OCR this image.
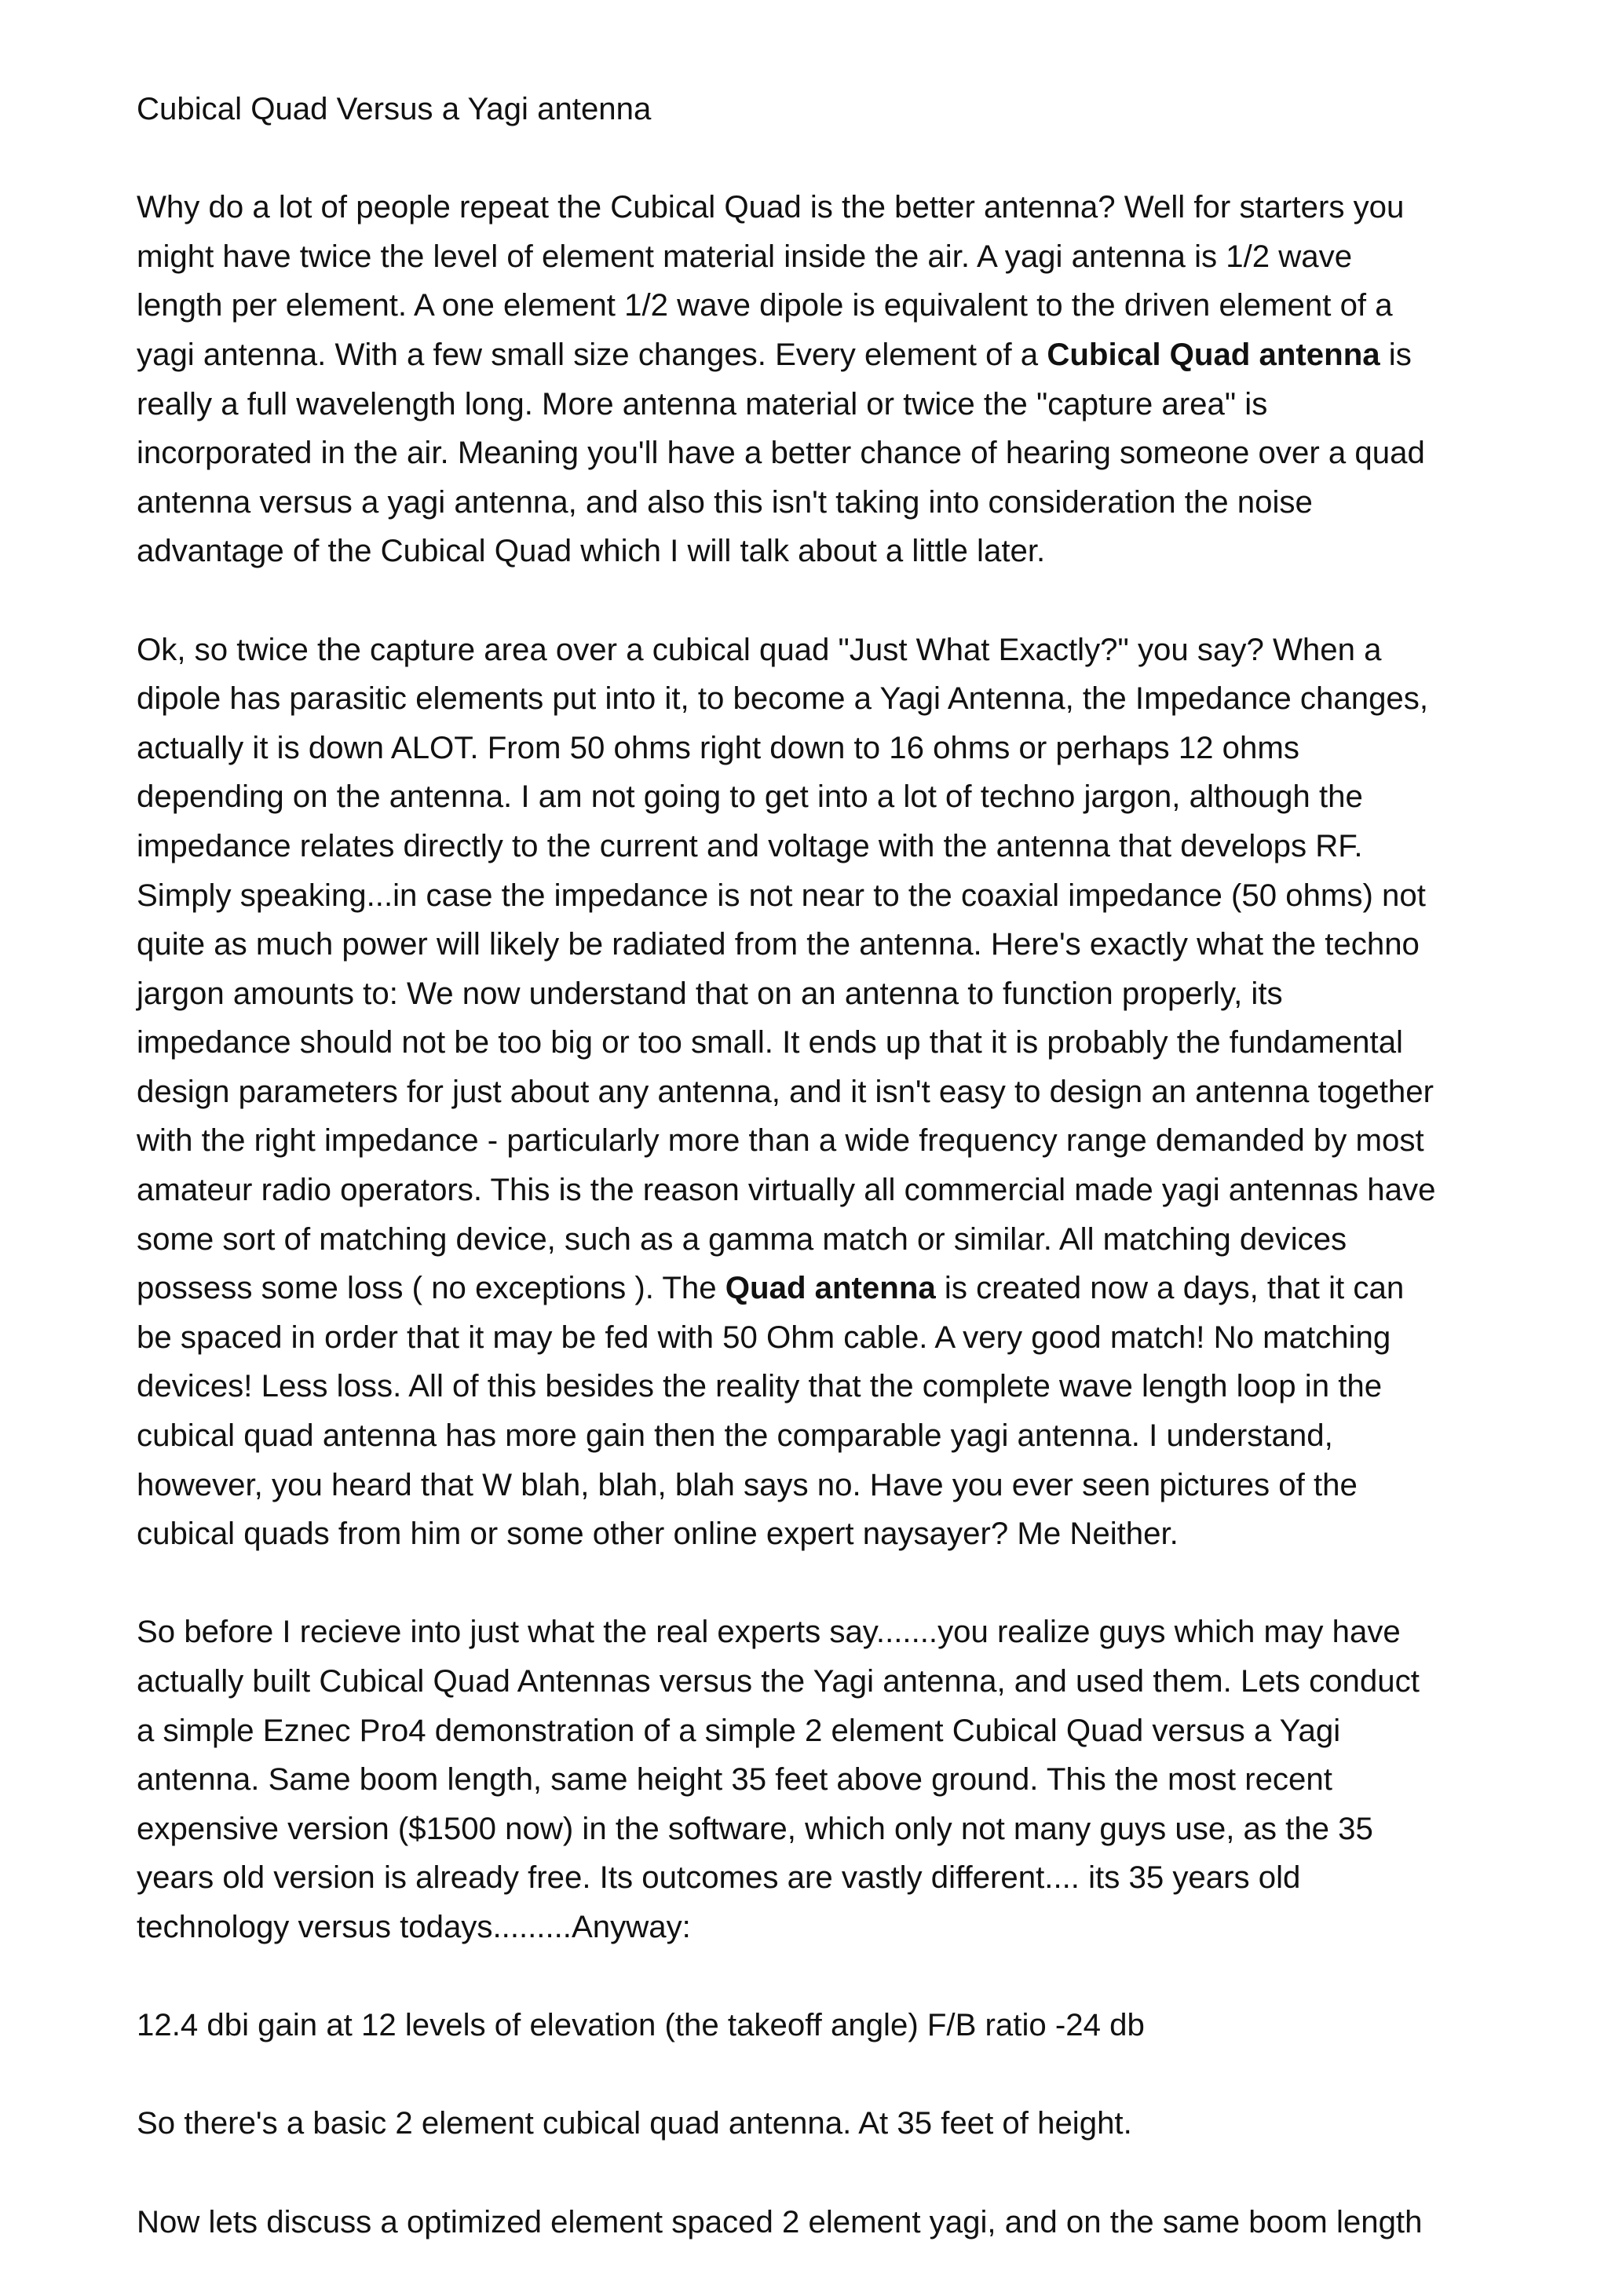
Cubical Quad Versus a Yagi antenna
Why do a lot of people repeat the Cubical Quad is the better antenna? Well for starters you
might have twice the level of element material inside the air. A yagi antenna is 1/2 wave
length per element. A one element 1/2 wave dipole is equivalent to the driven element of a
yagi antenna. With a few small size changes. Every element of a Cubical Quad antenna is
really a full wavelength long. More antenna material or twice the "capture area" is
incorporated in the air. Meaning you'll have a better chance of hearing someone over a quad
antenna versus a yagi antenna, and also this isn't taking into consideration the noise
advantage of the Cubical Quad which I will talk about a little later.
Ok, so twice the capture area over a cubical quad "Just What Exactly?" you say? When a
dipole has parasitic elements put into it, to become a Yagi Antenna, the Impedance changes,
actually it is down ALOT. From 50 ohms right down to 16 ohms or perhaps 12 ohms
depending on the antenna. I am not going to get into a lot of techno jargon, although the
impedance relates directly to the current and voltage with the antenna that develops RF.
Simply speaking...in case the impedance is not near to the coaxial impedance (50 ohms) not
quite as much power will likely be radiated from the antenna. Here's exactly what the techno
jargon amounts to: We now understand that on an antenna to function properly, its
impedance should not be too big or too small. It ends up that it is probably the fundamental
design parameters for just about any antenna, and it isn't easy to design an antenna together
with the right impedance - particularly more than a wide frequency range demanded by most
amateur radio operators. This is the reason virtually all commercial made yagi antennas have
some sort of matching device, such as a gamma match or similar. All matching devices
possess some loss ( no exceptions ). The Quad antenna is created now a days, that it can
be spaced in order that it may be fed with 50 Ohm cable. A very good match! No matching
devices! Less loss. All of this besides the reality that the complete wave length loop in the
cubical quad antenna has more gain then the comparable yagi antenna. I understand,
however, you heard that W blah, blah, blah says no. Have you ever seen pictures of the
cubical quads from him or some other online expert naysayer? Me Neither.
So before I recieve into just what the real experts say.......you realize guys which may have
actually built Cubical Quad Antennas versus the Yagi antenna, and used them. Lets conduct
a simple Eznec Pro4 demonstration of a simple 2 element Cubical Quad versus a Yagi
antenna. Same boom length, same height 35 feet above ground. This the most recent
expensive version ($1500 now) in the software, which only not many guys use, as the 35
years old version is already free. Its outcomes are vastly different.... its 35 years old
technology versus todays.........Anyway:
12.4 dbi gain at 12 levels of elevation (the takeoff angle) F/B ratio -24 db
So there's a basic 2 element cubical quad antenna. At 35 feet of height.
Now lets discuss a optimized element spaced 2 element yagi, and on the same boom length
